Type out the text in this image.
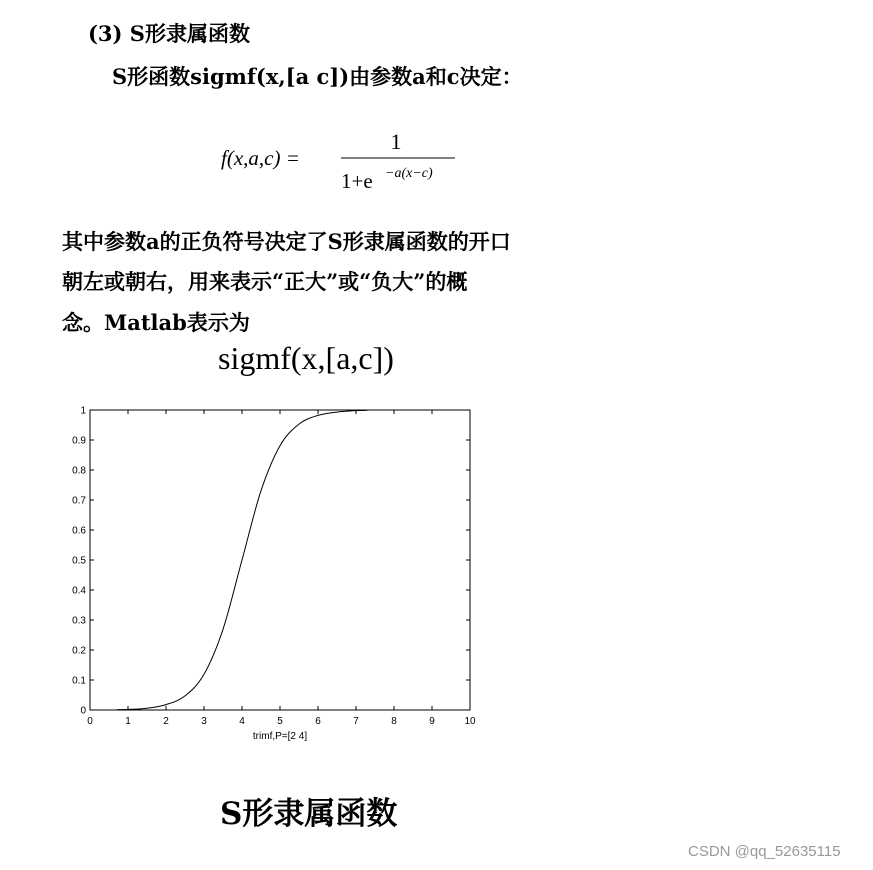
(3) S形隶属函数
S形函数sigmf(x,[a c])由参数a和c决定：
f(x,a,c) =
1
1+e −a(x−c)
其中参数a的正负符号决定了S形隶属函数的开口
朝左或朝右，用来表示“正大”或“负大”的概
念。Matlab表示为
sigmf(x,[a,c])
0	1	2	3	4	5	6	7	8	9	10
0
0.1
0.2
0.3
0.4
0.5
0.6
0.7
0.8
0.9
1
trimf,P=[2 4]
S形隶属函数
CSDN @qq_52635115
